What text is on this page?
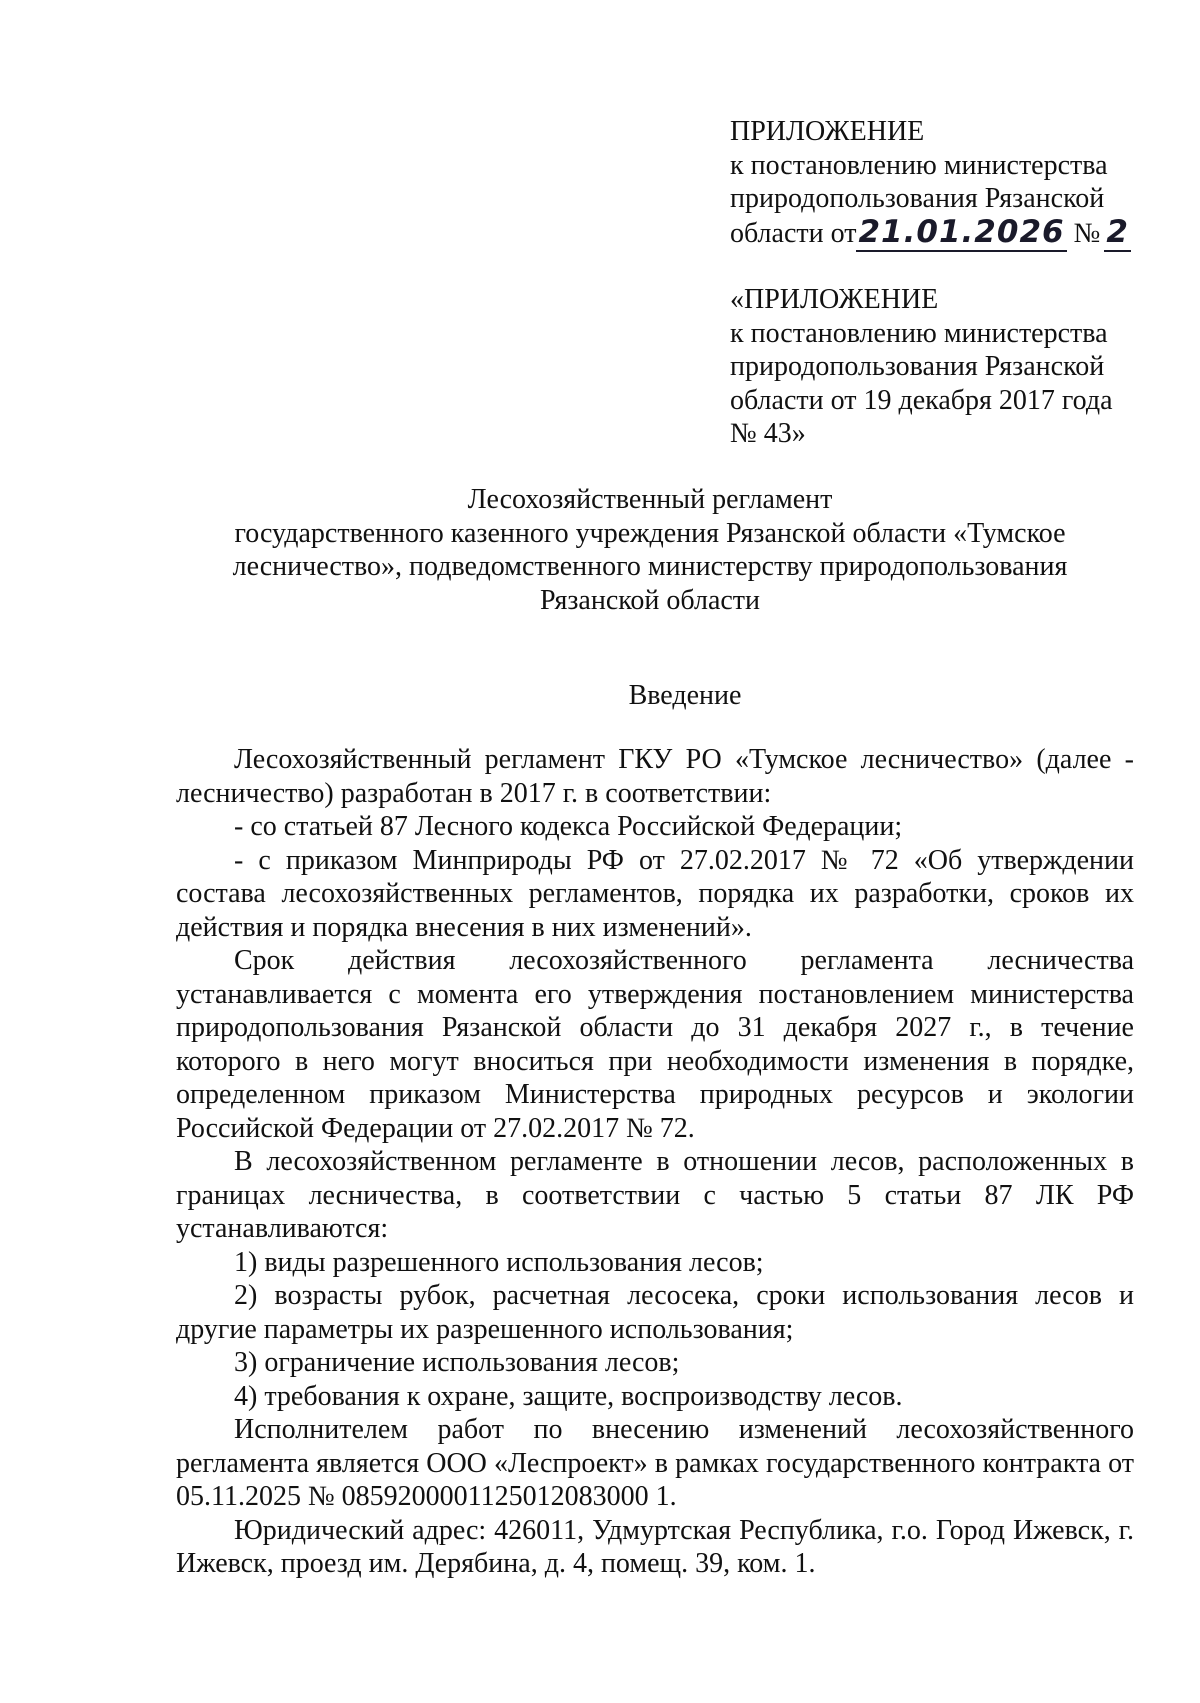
ПРИЛОЖЕНИЕ
к постановлению министерства
природопользования Рязанской
области от21.01.2026 № 2
«ПРИЛОЖЕНИЕ
к постановлению министерства
природопользования Рязанской
области от 19 декабря 2017 года
№ 43»
Лесохозяйственный регламент
государственного казенного учреждения Рязанской области «Тумское
лесничество», подведомственного министерству природопользования
Рязанской области
Введение

Лесохозяйственный регламент ГКУ РО «Тумское лесничество» (далее - лесничество) разработан в 2017 г. в соответствии:

- со статьей 87 Лесного кодекса Российской Федерации;

- с приказом Минприроды РФ от 27.02.2017 № 72 «Об утверждении состава лесохозяйственных регламентов, порядка их разработки, сроков их действия и порядка внесения в них изменений».

Срок действия лесохозяйственного регламента лесничества устанавливается с момента его утверждения постановлением министерства природопользования Рязанской области до 31 декабря 2027 г., в течение которого в него могут вноситься при необходимости изменения в порядке, определенном приказом Министерства природных ресурсов и экологии Российской Федерации от 27.02.2017 № 72.

В лесохозяйственном регламенте в отношении лесов, расположенных в границах лесничества, в соответствии с частью 5 статьи 87 ЛК РФ устанавливаются:

1) виды разрешенного использования лесов;

2) возрасты рубок, расчетная лесосека, сроки использования лесов и другие параметры их разрешенного использования;

3) ограничение использования лесов;

4) требования к охране, защите, воспроизводству лесов.

Исполнителем работ по внесению изменений лесохозяйственного регламента является ООО «Леспроект» в рамках государственного контракта от 05.11.2025 № 0859200001125012083000 1.

Юридический адрес: 426011, Удмуртская Республика, г.о. Город Ижевск, г. Ижевск, проезд им. Дерябина, д. 4, помещ. 39, ком. 1.
